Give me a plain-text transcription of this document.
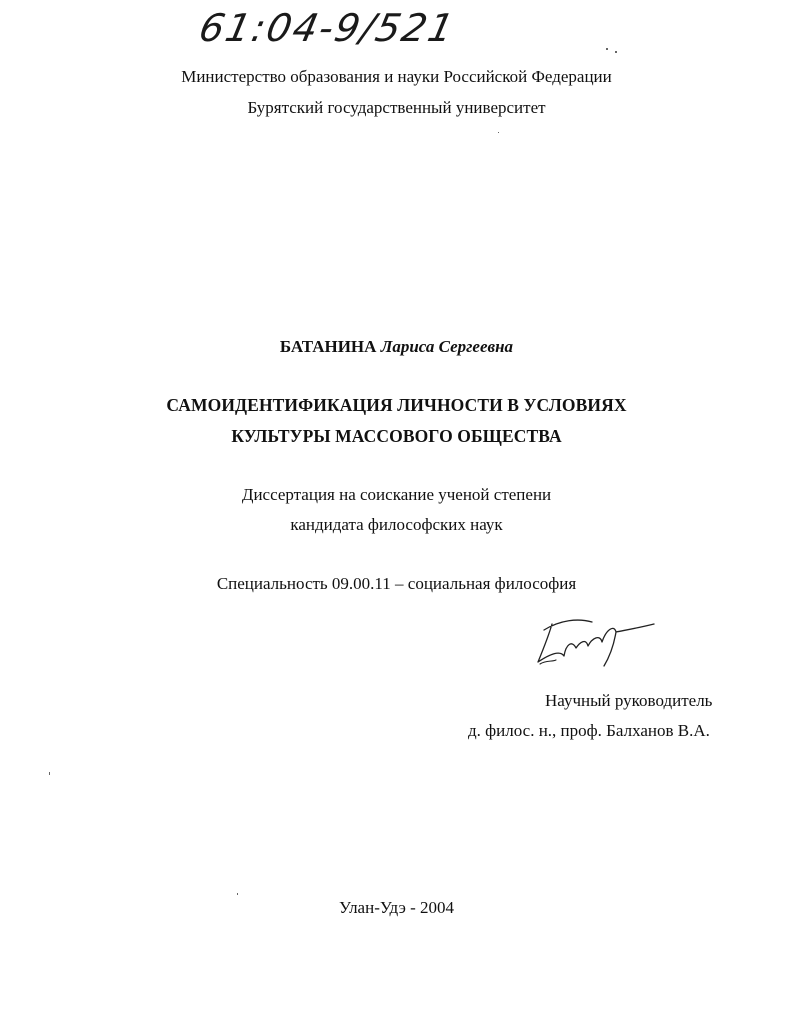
61:04-9/521
Министерство образования и науки Российской Федерации
Бурятский государственный университет
БАТАНИНА Лариса Сергеевна
САМОИДЕНТИФИКАЦИЯ ЛИЧНОСТИ В УСЛОВИЯХ
КУЛЬТУРЫ МАССОВОГО ОБЩЕСТВА
Диссертация на соискание ученой степени
кандидата философских наук
Специальность 09.00.11 – социальная философия
Научный руководитель
д. филос. н., проф. Балханов В.А.
Улан-Удэ - 2004
